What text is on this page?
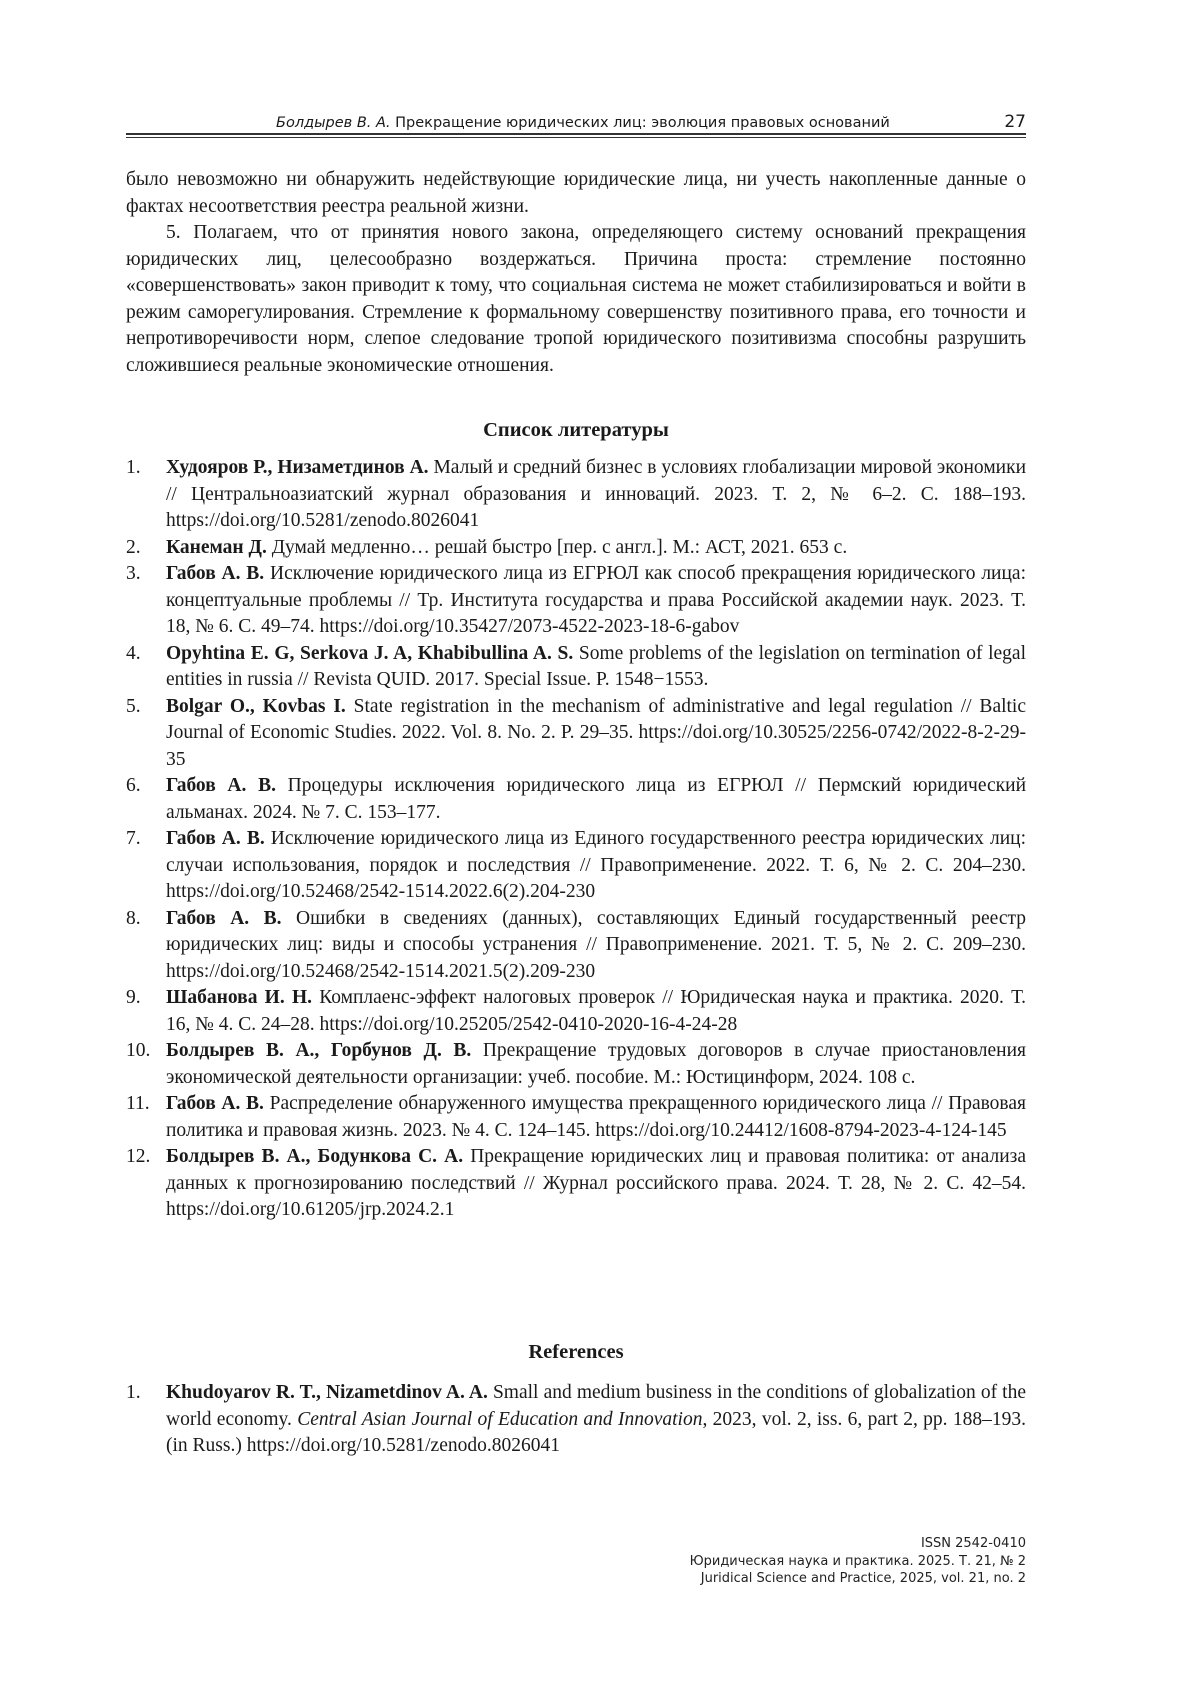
Болдырев В. А. Прекращение юридических лиц: эволюция правовых оснований	27

было невозможно ни обнаружить недействующие юридические лица, ни учесть накопленные данные о фактах несоответствия реестра реальной жизни.

5. Полагаем, что от принятия нового закона, определяющего систему оснований прекращения юридических лиц, целесообразно воздержаться. Причина проста: стремление постоянно «совершенствовать» закон приводит к тому, что социальная система не может стабилизироваться и войти в режим саморегулирования. Стремление к формальному совершенству позитивного права, его точности и непротиворечивости норм, слепое следование тропой юридического позитивизма способны разрушить сложившиеся реальные экономические отношения.

Список литературы
1. Худояров Р., Низаметдинов А. Малый и средний бизнес в условиях глобализации мировой экономики // Центральноазиатский журнал образования и инноваций. 2023. Т. 2, № 6‒2. С. 188–193. https://doi.org/10.5281/zenodo.8026041
2. Канеман Д. Думай медленно… решай быстро [пер. с англ.]. М.: АСТ, 2021. 653 с.
3. Габов А. В. Исключение юридического лица из ЕГРЮЛ как способ прекращения юридического лица: концептуальные проблемы // Тр. Института государства и права Российской академии наук. 2023. Т. 18, № 6. С. 49–74. https://doi.org/10.35427/2073-4522-2023-18-6-gabov
4. Opyhtina E. G, Serkova J. A, Khabibullina A. S. Some problems of the legislation on termination of legal entities in russia // Revista QUID. 2017. Special Issue. P. 1548−1553.
5. Bolgar O., Kovbas I. State registration in the mechanism of administrative and legal regulation // Baltic Journal of Economic Studies. 2022. Vol. 8. No. 2. P. 29–35. https://doi.org/10.30525/2256-0742/2022-8-2-29-35
6. Габов А. В. Процедуры исключения юридического лица из ЕГРЮЛ // Пермский юридический альманах. 2024. № 7. С. 153–177.
7. Габов А. В. Исключение юридического лица из Единого государственного реестра юридических лиц: случаи использования, порядок и последствия // Правоприменение. 2022. Т. 6, № 2. С. 204–230. https://doi.org/10.52468/2542-1514.2022.6(2).204-230
8. Габов А. В. Ошибки в сведениях (данных), составляющих Единый государственный реестр юридических лиц: виды и способы устранения // Правоприменение. 2021. Т. 5, № 2. С. 209–230. https://doi.org/10.52468/2542-1514.2021.5(2).209-230
9. Шабанова И. Н. Комплаенс-эффект налоговых проверок // Юридическая наука и практика. 2020. Т. 16, № 4. С. 24–28. https://doi.org/10.25205/2542-0410-2020-16-4-24-28
10. Болдырев В. А., Горбунов Д. В. Прекращение трудовых договоров в случае приостановления экономической деятельности организации: учеб. пособие. М.: Юстицинформ, 2024. 108 с.
11. Габов А. В. Распределение обнаруженного имущества прекращенного юридического лица // Правовая политика и правовая жизнь. 2023. № 4. С. 124–145. https://doi.org/10.24412/1608-8794-2023-4-124-145
12. Болдырев В. А., Бодункова С. А. Прекращение юридических лиц и правовая политика: от анализа данных к прогнозированию последствий // Журнал российского права. 2024. Т. 28, № 2. С. 42–54. https://doi.org/10.61205/jrp.2024.2.1
References
1. Khudoyarov R. T., Nizametdinov A. A. Small and medium business in the conditions of globalization of the world economy. Central Asian Journal of Education and Innovation, 2023, vol. 2, iss. 6, part 2, pp. 188–193. (in Russ.) https://doi.org/10.5281/zenodo.8026041
ISSN 2542-0410
Юридическая наука и практика. 2025. Т. 21, № 2
Juridical Science and Practice, 2025, vol. 21, no. 2
